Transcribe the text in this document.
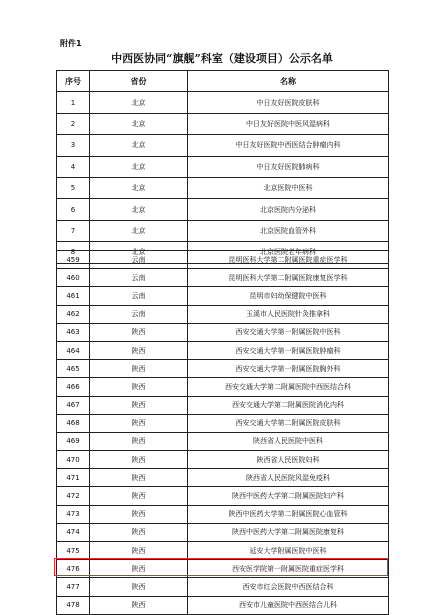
附件1
中西医协同“旗舰”科室（建设项目）公示名单
序号	省份	名称
1	北京	中日友好医院皮肤科
2	北京	中日友好医院中医风湿病科
3	北京	中日友好医院中西医结合肿瘤内科
4	北京	中日友好医院肺病科
5	北京	北京医院中医科
6	北京	北京医院内分泌科
7	北京	北京医院血管外科
8	北京	北京医院老年病科
459	云南	昆明医科大学第二附属医院重症医学科
460	云南	昆明医科大学第二附属医院康复医学科
461	云南	昆明市妇幼保健院中医科
462	云南	玉溪市人民医院针灸推拿科
463	陕西	西安交通大学第一附属医院中医科
464	陕西	西安交通大学第一附属医院肿瘤科
465	陕西	西安交通大学第一附属医院胸外科
466	陕西	西安交通大学第二附属医院中西医结合科
467	陕西	西安交通大学第二附属医院消化内科
468	陕西	西安交通大学第二附属医院皮肤科
469	陕西	陕西省人民医院中医科
470	陕西	陕西省人民医院妇科
471	陕西	陕西省人民医院风湿免疫科
472	陕西	陕西中医药大学第二附属医院妇产科
473	陕西	陕西中医药大学第二附属医院心血管科
474	陕西	陕西中医药大学第二附属医院康复科
475	陕西	延安大学附属医院中医科
476	陕西	西安医学院第一附属医院重症医学科
477	陕西	西安市红会医院中西医结合科
478	陕西	西安市儿童医院中西医结合儿科
